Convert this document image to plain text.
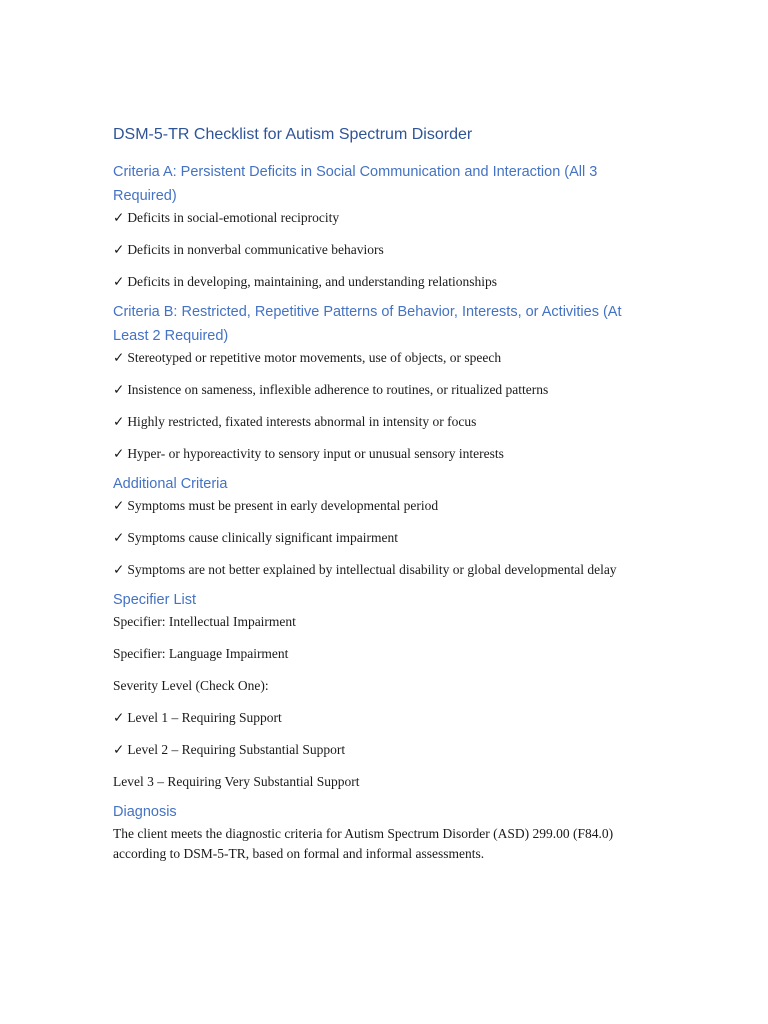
DSM-5-TR Checklist for Autism Spectrum Disorder
Criteria A: Persistent Deficits in Social Communication and Interaction (All 3 Required)

✓ Deficits in social-emotional reciprocity

✓ Deficits in nonverbal communicative behaviors

✓ Deficits in developing, maintaining, and understanding relationships

Criteria B: Restricted, Repetitive Patterns of Behavior, Interests, or Activities (At Least 2 Required)

✓ Stereotyped or repetitive motor movements, use of objects, or speech

✓ Insistence on sameness, inflexible adherence to routines, or ritualized patterns

✓ Highly restricted, fixated interests abnormal in intensity or focus

✓ Hyper- or hyporeactivity to sensory input or unusual sensory interests

Additional Criteria

✓ Symptoms must be present in early developmental period

✓ Symptoms cause clinically significant impairment

✓ Symptoms are not better explained by intellectual disability or global developmental delay

Specifier List

Specifier: Intellectual Impairment

Specifier: Language Impairment

Severity Level (Check One):

✓ Level 1 – Requiring Support

✓ Level 2 – Requiring Substantial Support

Level 3 – Requiring Very Substantial Support

Diagnosis

The client meets the diagnostic criteria for Autism Spectrum Disorder (ASD) 299.00 (F84.0) according to DSM-5-TR, based on formal and informal assessments.
